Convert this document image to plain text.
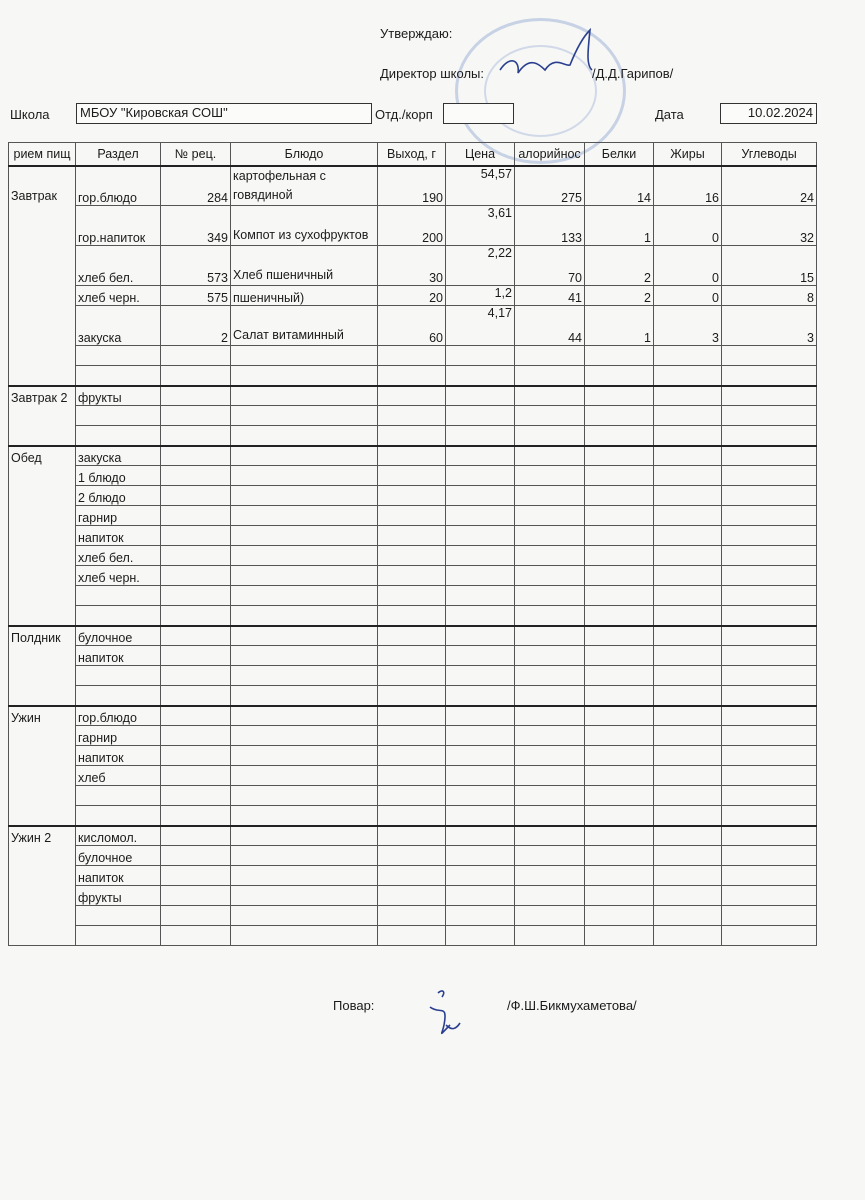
Утверждаю:
Директор школы:	/Д.Д.Гарипов/
Школа	МБОУ "Кировская СОШ"	Отд./корп	Дата	10.02.2024
рием пищ	Раздел	№ рец.	Блюдо	Выход, г	Цена	алорийнос	Белки	Жиры	Углеводы
Завтрак	гор.блюдо	284	картофельная с говядиной	190	54,57	275	14	16	24
	гор.напиток	349	Компот из сухофруктов	200	3,61	133	1	0	32
	хлеб бел.	573	Хлеб пшеничный	30	2,22	70	2	0	15
	хлеб черн.	575	пшеничный)	20	1,2	41	2	0	8
	закуска	2	Салат витаминный	60	4,17	44	1	3	3

Завтрак 2	фрукты								

Обед	закуска								
	1 блюдо								
	2 блюдо								
	гарнир								
	напиток								
	хлеб бел.								
	хлеб черн.								

Полдник	булочное								
	напиток								

Ужин	гор.блюдо								
	гарнир								
	напиток								
	хлеб								

Ужин 2	кисломол.								
	булочное								
	напиток								
	фрукты								

Повар:	/Ф.Ш.Бикмухаметова/
